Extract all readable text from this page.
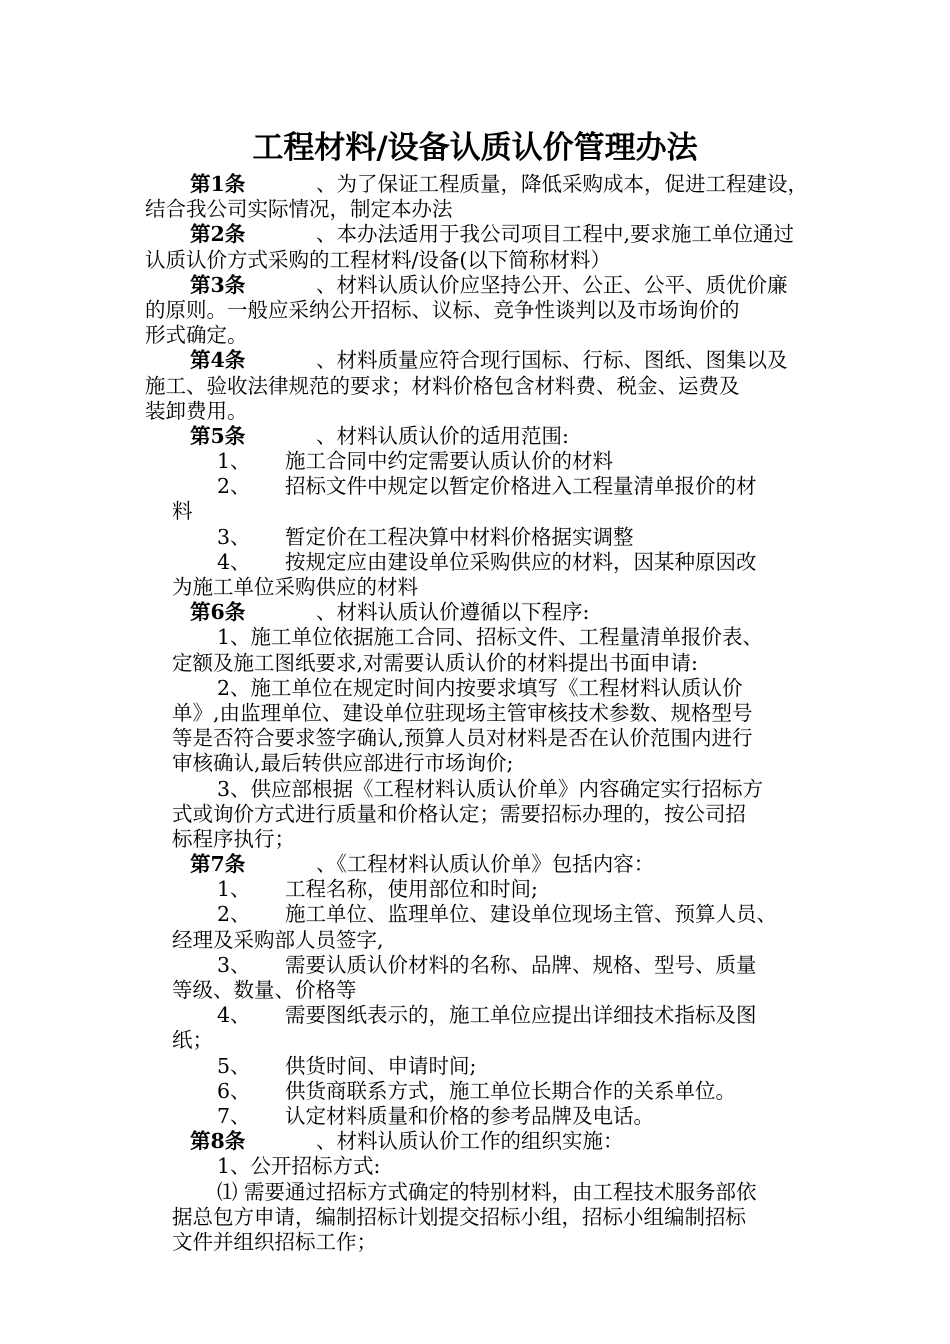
工程材料/设备认质认价管理办法
第1条	、为了保证工程质量，降低采购成本，促进工程建设，
结合我公司实际情况，制定本办法
第2条	、本办法适用于我公司项目工程中,要求施工单位通过
认质认价方式采购的工程材料/设备(以下简称材料）
第3条	、材料认质认价应坚持公开、公正、公平、质优价廉
的原则。一般应采纳公开招标、议标、竞争性谈判以及市场询价的
形式确定。
第4条	、材料质量应符合现行国标、行标、图纸、图集以及
施工、验收法律规范的要求；材料价格包含材料费、税金、运费及
装卸费用。
第5条	、材料认质认价的适用范围:
1、 施工合同中约定需要认质认价的材料
2、 招标文件中规定以暂定价格进入工程量清单报价的材
料
3、 暂定价在工程决算中材料价格据实调整
4、 按规定应由建设单位采购供应的材料，因某种原因改
为施工单位采购供应的材料
第6条	、材料认质认价遵循以下程序:
1、施工单位依据施工合同、招标文件、工程量清单报价表、
定额及施工图纸要求,对需要认质认价的材料提出书面申请:
2、施工单位在规定时间内按要求填写《工程材料认质认价
单》,由监理单位、建设单位驻现场主管审核技术参数、规格型号
等是否符合要求签字确认,预算人员对材料是否在认价范围内进行
审核确认,最后转供应部进行市场询价;
3、供应部根据《工程材料认质认价单》内容确定实行招标方
式或询价方式进行质量和价格认定；需要招标办理的，按公司招
标程序执行；
第7条	、《工程材料认质认价单》包括内容：
1、 工程名称，使用部位和时间;
2、 施工单位、监理单位、建设单位现场主管、预算人员、
经理及采购部人员签字,
3、 需要认质认价材料的名称、品牌、规格、型号、质量
等级、数量、价格等
4、 需要图纸表示的，施工单位应提出详细技术指标及图
纸；
5、 供货时间、申请时间;
6、 供货商联系方式，施工单位长期合作的关系单位。
7、 认定材料质量和价格的参考品牌及电话。
第8条	、材料认质认价工作的组织实施：
1、公开招标方式:
⑴ 需要通过招标方式确定的特别材料，由工程技术服务部依
据总包方申请，编制招标计划提交招标小组，招标小组编制招标
文件并组织招标工作；
